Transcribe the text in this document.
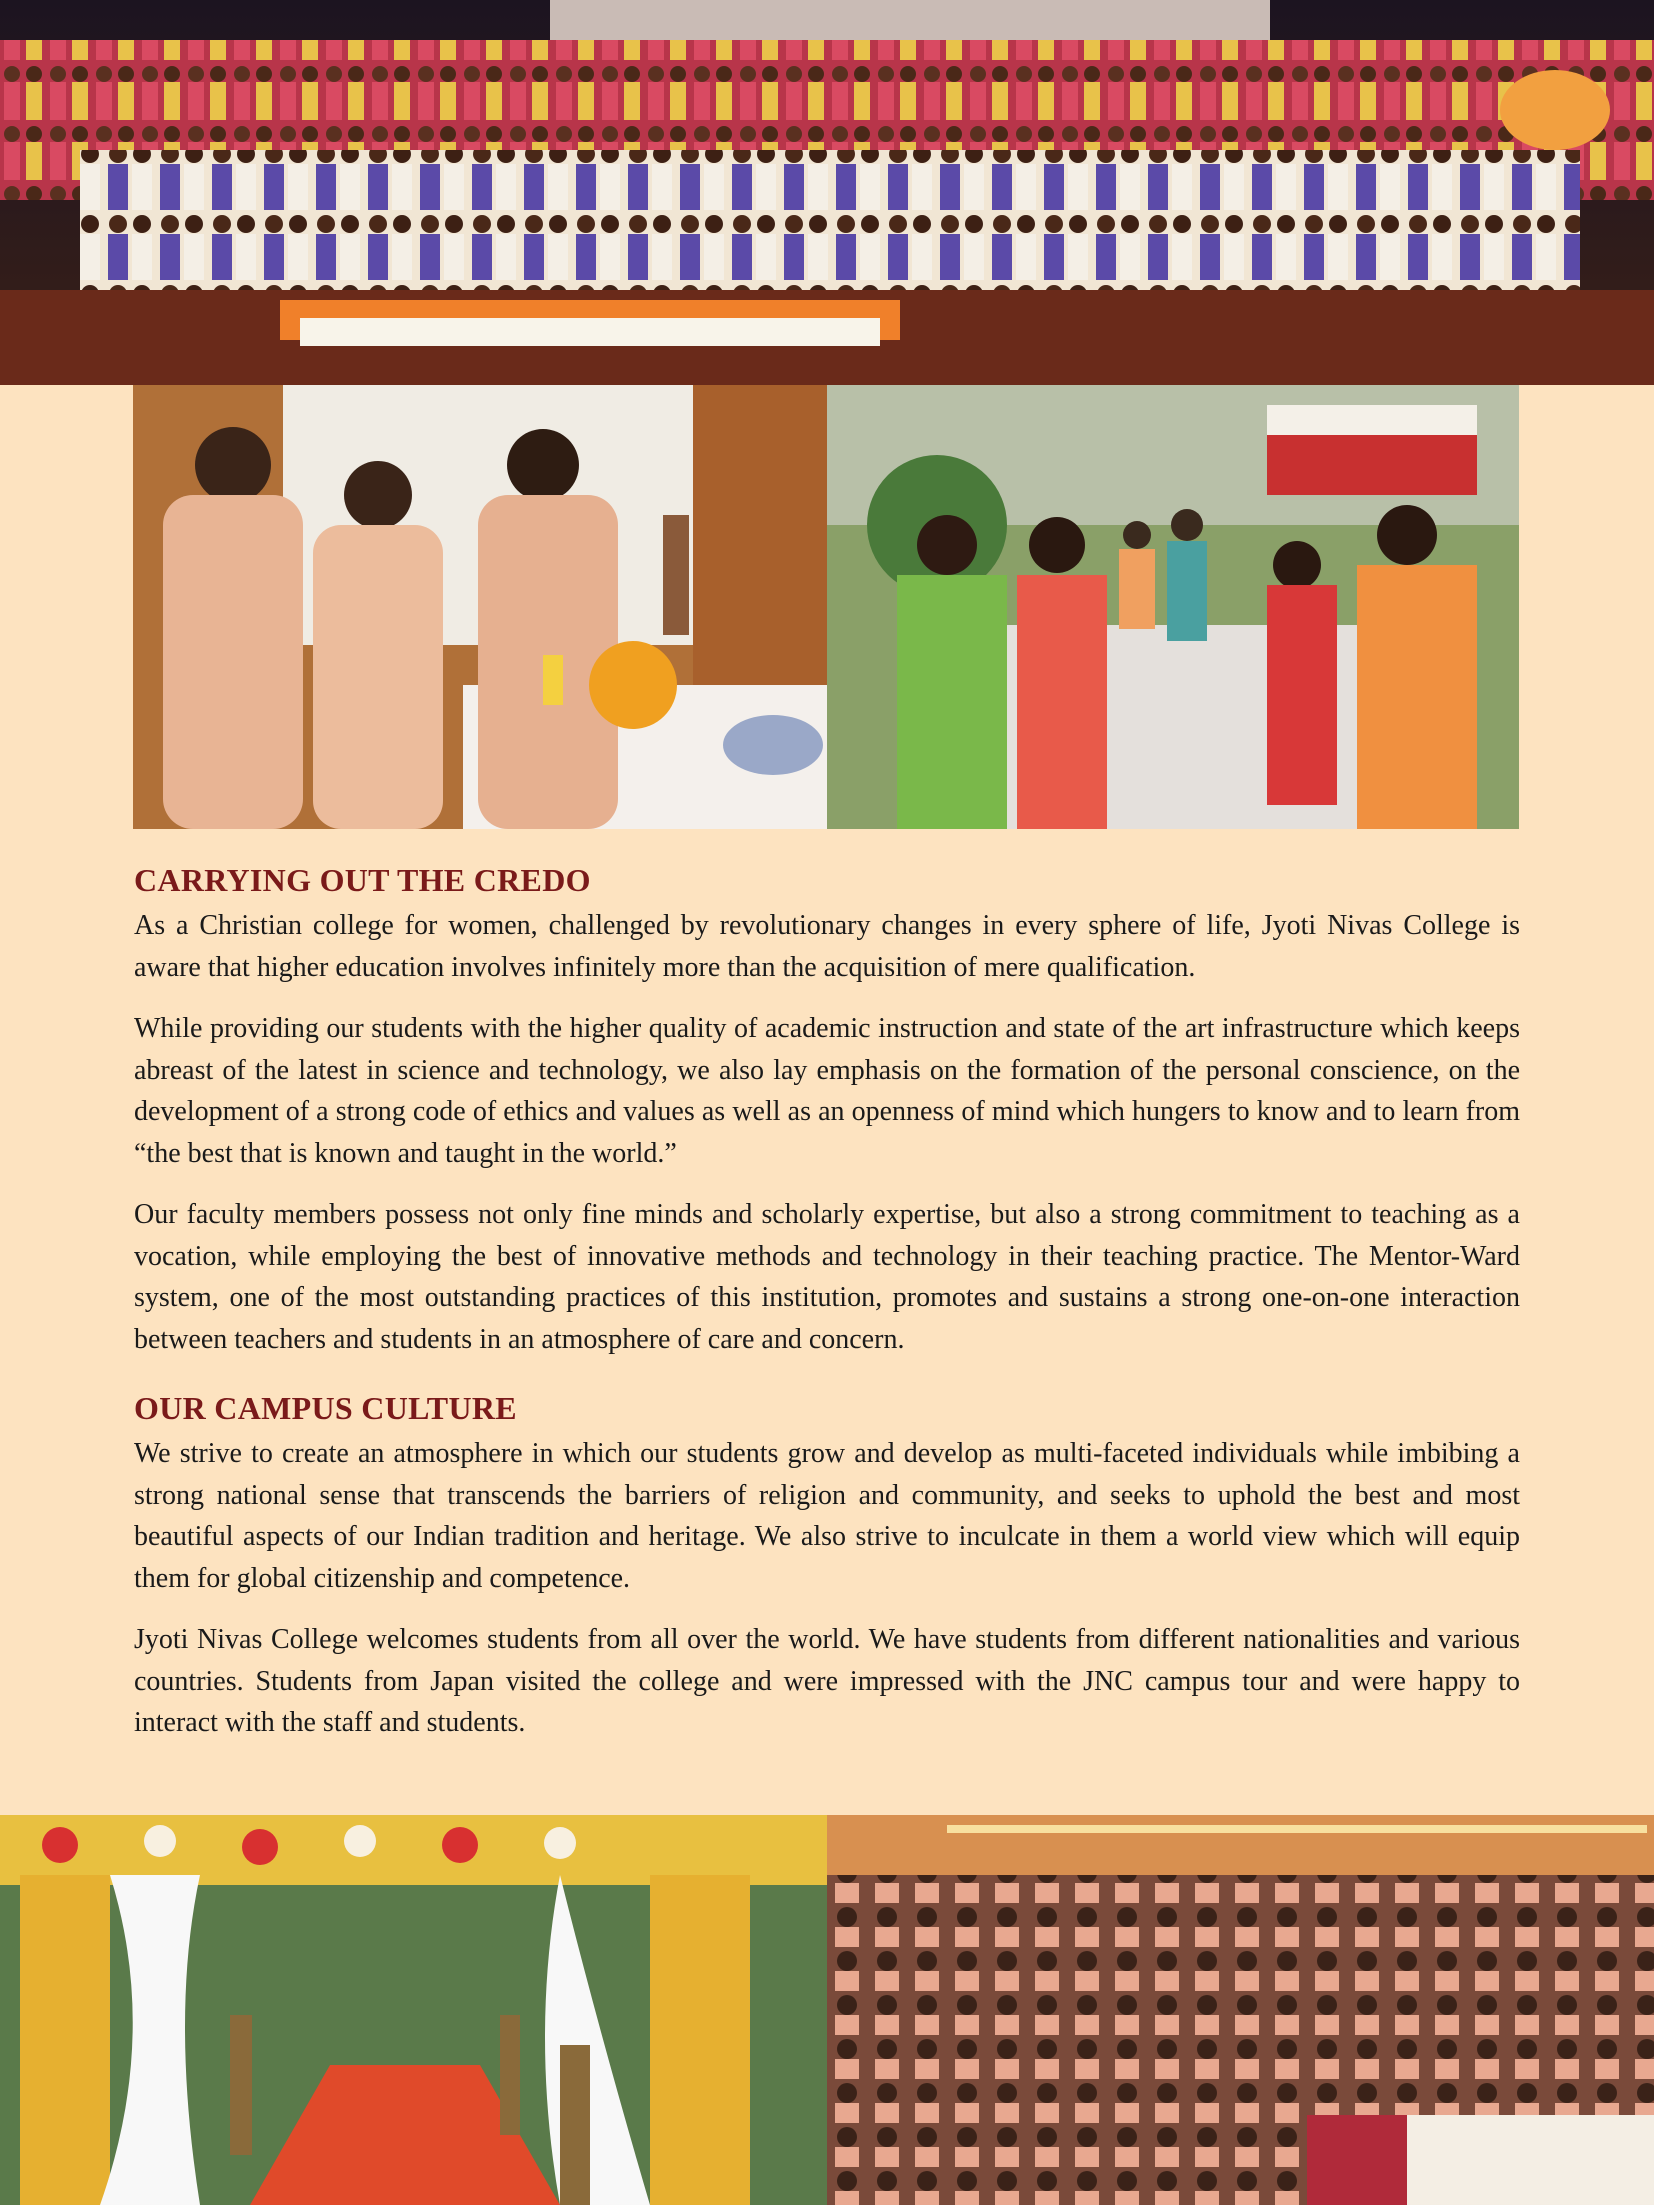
CARRYING OUT THE CREDO

As a Christian college for women, challenged by revolutionary changes in every sphere of life, Jyoti Nivas College is aware that higher education involves infinitely more than the acquisition of mere qualification.

While providing our students with the higher quality of academic instruction and state of the art infrastructure which keeps abreast of the latest in science and technology, we also lay emphasis on the formation of the personal conscience, on the development of a strong code of ethics and values as well as an openness of mind which hungers to know and to learn from “the best that is known and taught in the world.”

Our faculty members possess not only fine minds and scholarly expertise, but also a strong commitment to teaching as a vocation, while employing the best of innovative methods and technology in their teaching practice. The Mentor-Ward system, one of the most outstanding practices of this institution, promotes and sustains a strong one-on-one interaction between teachers and students in an atmosphere of care and concern.

OUR CAMPUS CULTURE

We strive to create an atmosphere in which our students grow and develop as multi-faceted individuals while imbibing a strong national sense that transcends the barriers of religion and community, and seeks to uphold the best and most beautiful aspects of our Indian tradition and heritage. We also strive to inculcate in them a world view which will equip them for global citizenship and competence.

Jyoti Nivas College welcomes students from all over the world. We have students from different nationalities and various countries. Students from Japan visited the college and were impressed with the JNC campus tour and were happy to interact with the staff and students.
